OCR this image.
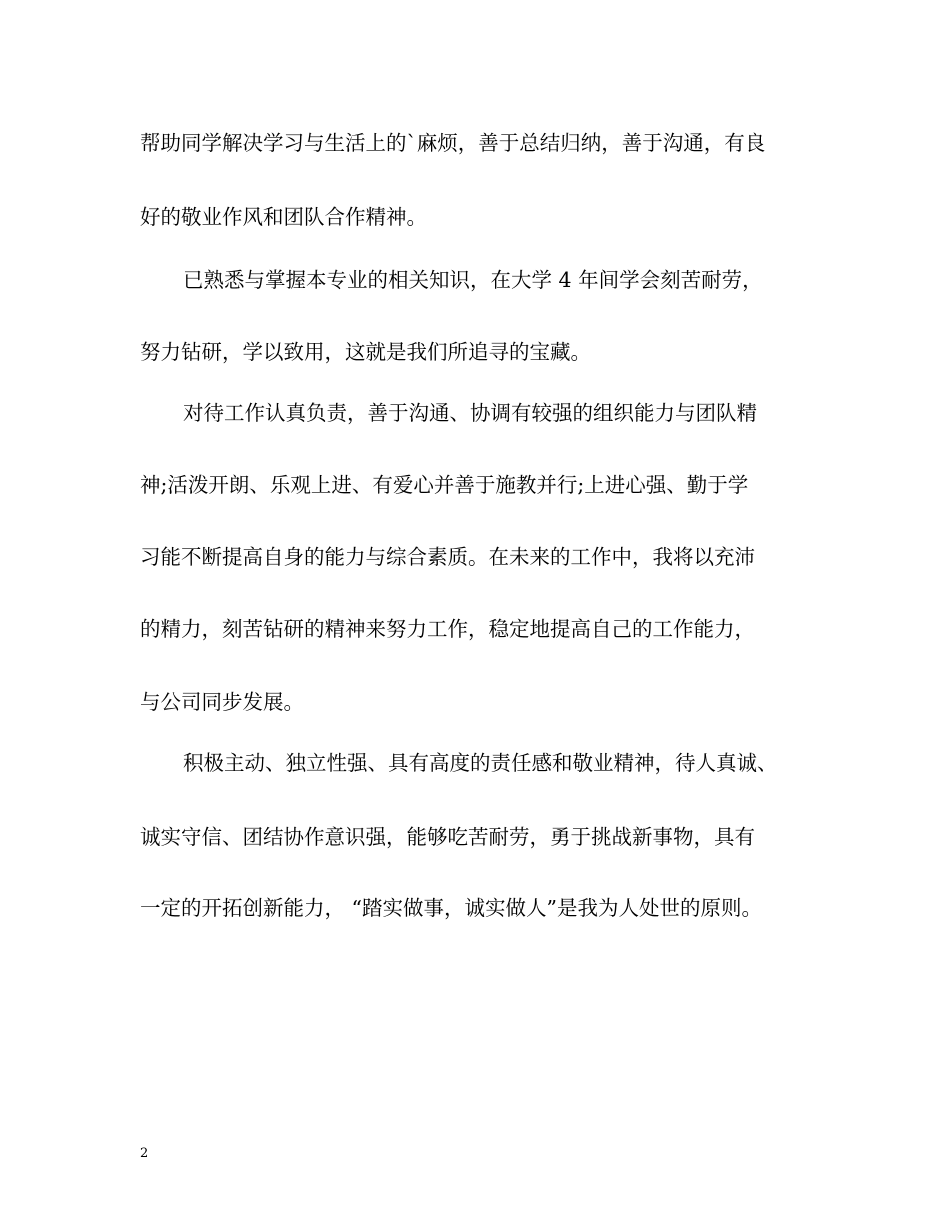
帮助同学解决学习与生活上的`麻烦，善于总结归纳，善于沟通，有良
好的敬业作风和团队合作精神。
已熟悉与掌握本专业的相关知识，在大学 4 年间学会刻苦耐劳，
努力钻研，学以致用，这就是我们所追寻的宝藏。
对待工作认真负责，善于沟通、协调有较强的组织能力与团队精
神;活泼开朗、乐观上进、有爱心并善于施教并行;上进心强、勤于学
习能不断提高自身的能力与综合素质。在未来的工作中，我将以充沛
的精力，刻苦钻研的精神来努力工作，稳定地提高自己的工作能力，
与公司同步发展。
积极主动、独立性强、具有高度的责任感和敬业精神，待人真诚、
诚实守信、团结协作意识强，能够吃苦耐劳，勇于挑战新事物，具有
一定的开拓创新能力， “踏实做事，诚实做人”是我为人处世的原则。
2
